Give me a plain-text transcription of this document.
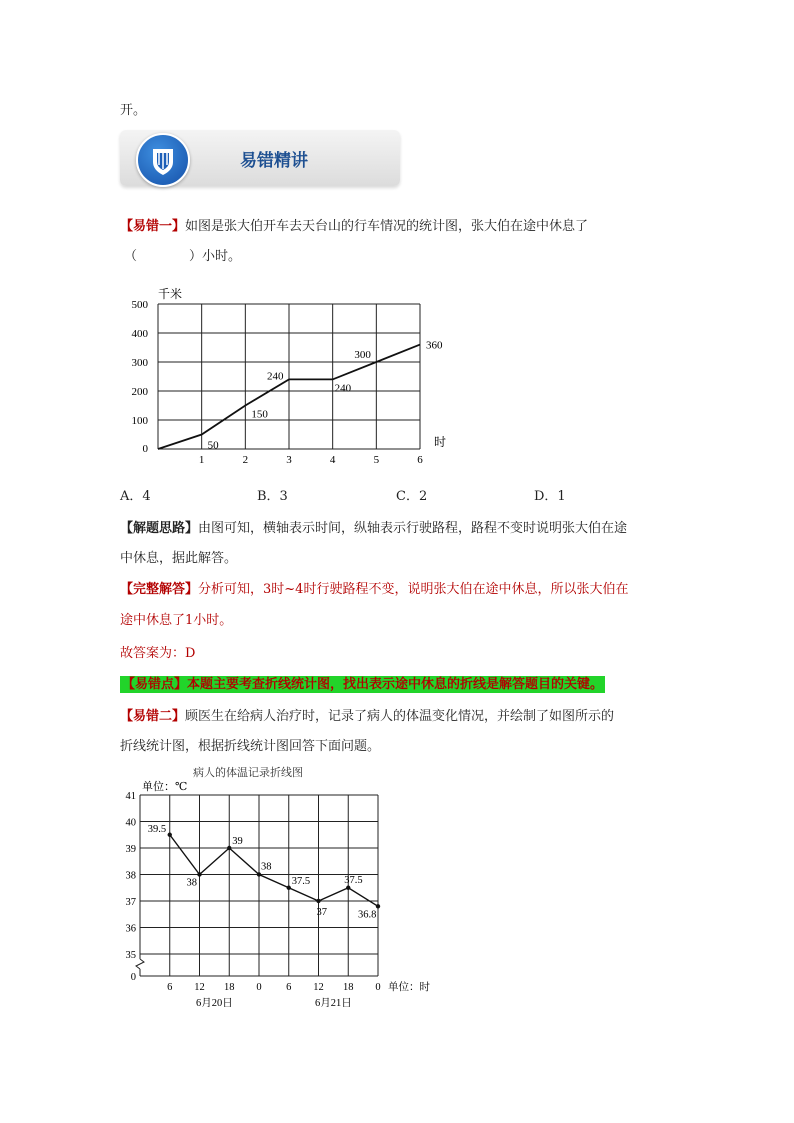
开。
易错精讲
【易错一】如图是张大伯开车去天台山的行车情况的统计图，张大伯在途中休息了
（　　　　）小时。
0
100
200
300
400
500
1	2	3	4	5	6
千米
时
50
150
240
240
300
360
A．4	B．3	C．2	D．1
【解题思路】由图可知，横轴表示时间，纵轴表示行驶路程，路程不变时说明张大伯在途
中休息，据此解答。
【完整解答】分析可知，3时~4时行驶路程不变，说明张大伯在途中休息，所以张大伯在
途中休息了1小时。
故答案为：D
【易错点】本题主要考查折线统计图，找出表示途中休息的折线是解答题目的关键。
【易错二】顾医生在给病人治疗时，记录了病人的体温变化情况，并绘制了如图所示的
折线统计图，根据折线统计图回答下面问题。
病人的体温记录折线图
单位：℃
0
35
36
37
38
39
40
41
6 12 18 0 6 12 18 0 单位：时
6月20日	6月21日
39.5
38
39
38
37.5
37
37.5
36.8
